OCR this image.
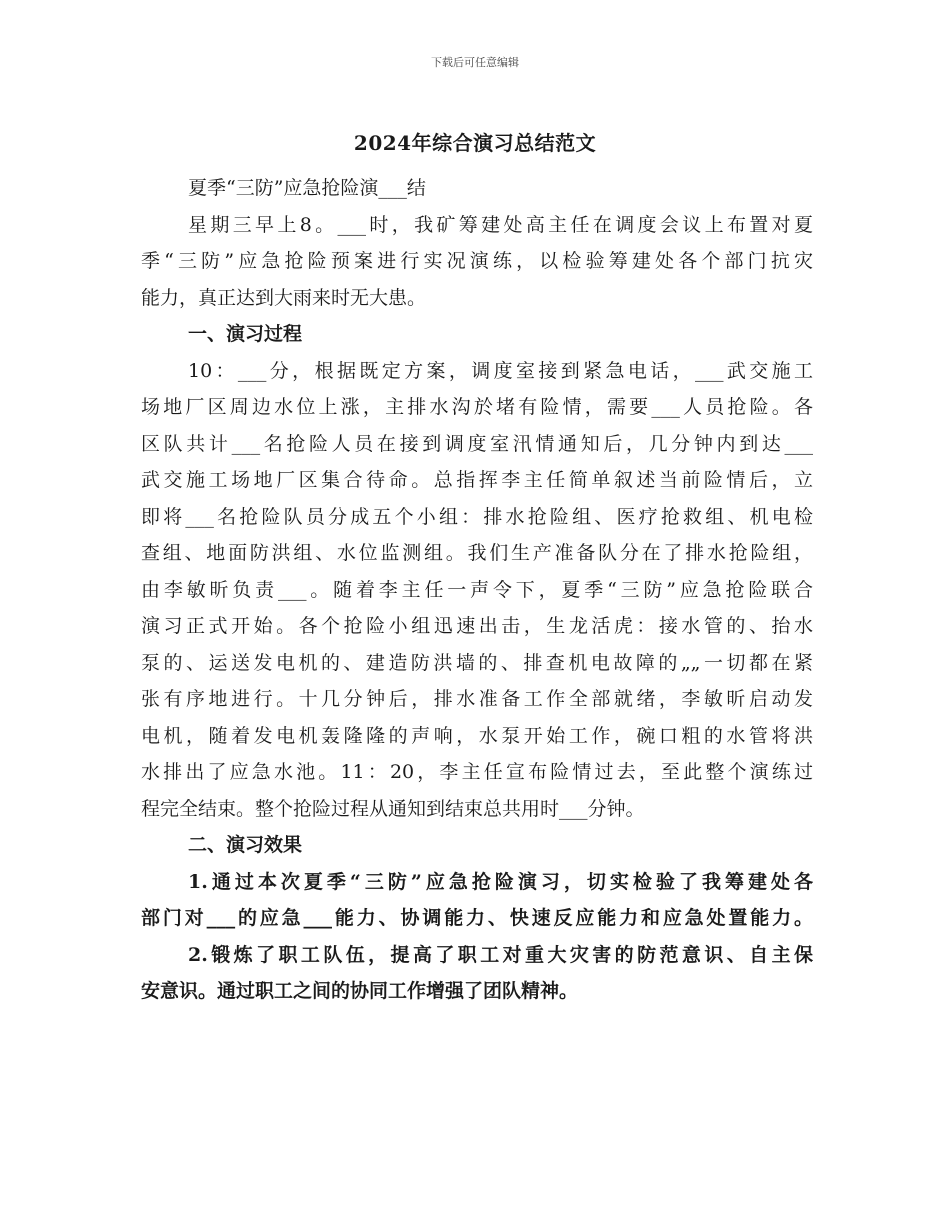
下载后可任意编辑
2024年综合演习总结范文
夏季“三防”应急抢险演___结
星期三早上8。___时，我矿筹建处高主任在调度会议上布置对夏
季“三防”应急抢险预案进行实况演练，以检验筹建处各个部门抗灾
能力，真正达到大雨来时无大患。
一、演习过程
10：___分，根据既定方案，调度室接到紧急电话，___武交施工
场地厂区周边水位上涨，主排水沟於堵有险情，需要___人员抢险。各
区队共计___名抢险人员在接到调度室汛情通知后，几分钟内到达___
武交施工场地厂区集合待命。总指挥李主任简单叙述当前险情后，立
即将___名抢险队员分成五个小组：排水抢险组、医疗抢救组、机电检
查组、地面防洪组、水位监测组。我们生产准备队分在了排水抢险组，
由李敏昕负责___。随着李主任一声令下，夏季“三防”应急抢险联合
演习正式开始。各个抢险小组迅速出击，生龙活虎：接水管的、抬水
泵的、运送发电机的、建造防洪墙的、排查机电故障的„„一切都在紧
张有序地进行。十几分钟后，排水准备工作全部就绪，李敏昕启动发
电机，随着发电机轰隆隆的声响，水泵开始工作，碗口粗的水管将洪
水排出了应急水池。11：20，李主任宣布险情过去，至此整个演练过
程完全结束。整个抢险过程从通知到结束总共用时___分钟。
二、演习效果
1.通过本次夏季“三防”应急抢险演习，切实检验了我筹建处各
部门对___的应急___能力、协调能力、快速反应能力和应急处置能力。
2.锻炼了职工队伍，提高了职工对重大灾害的防范意识、自主保
安意识。通过职工之间的协同工作增强了团队精神。
